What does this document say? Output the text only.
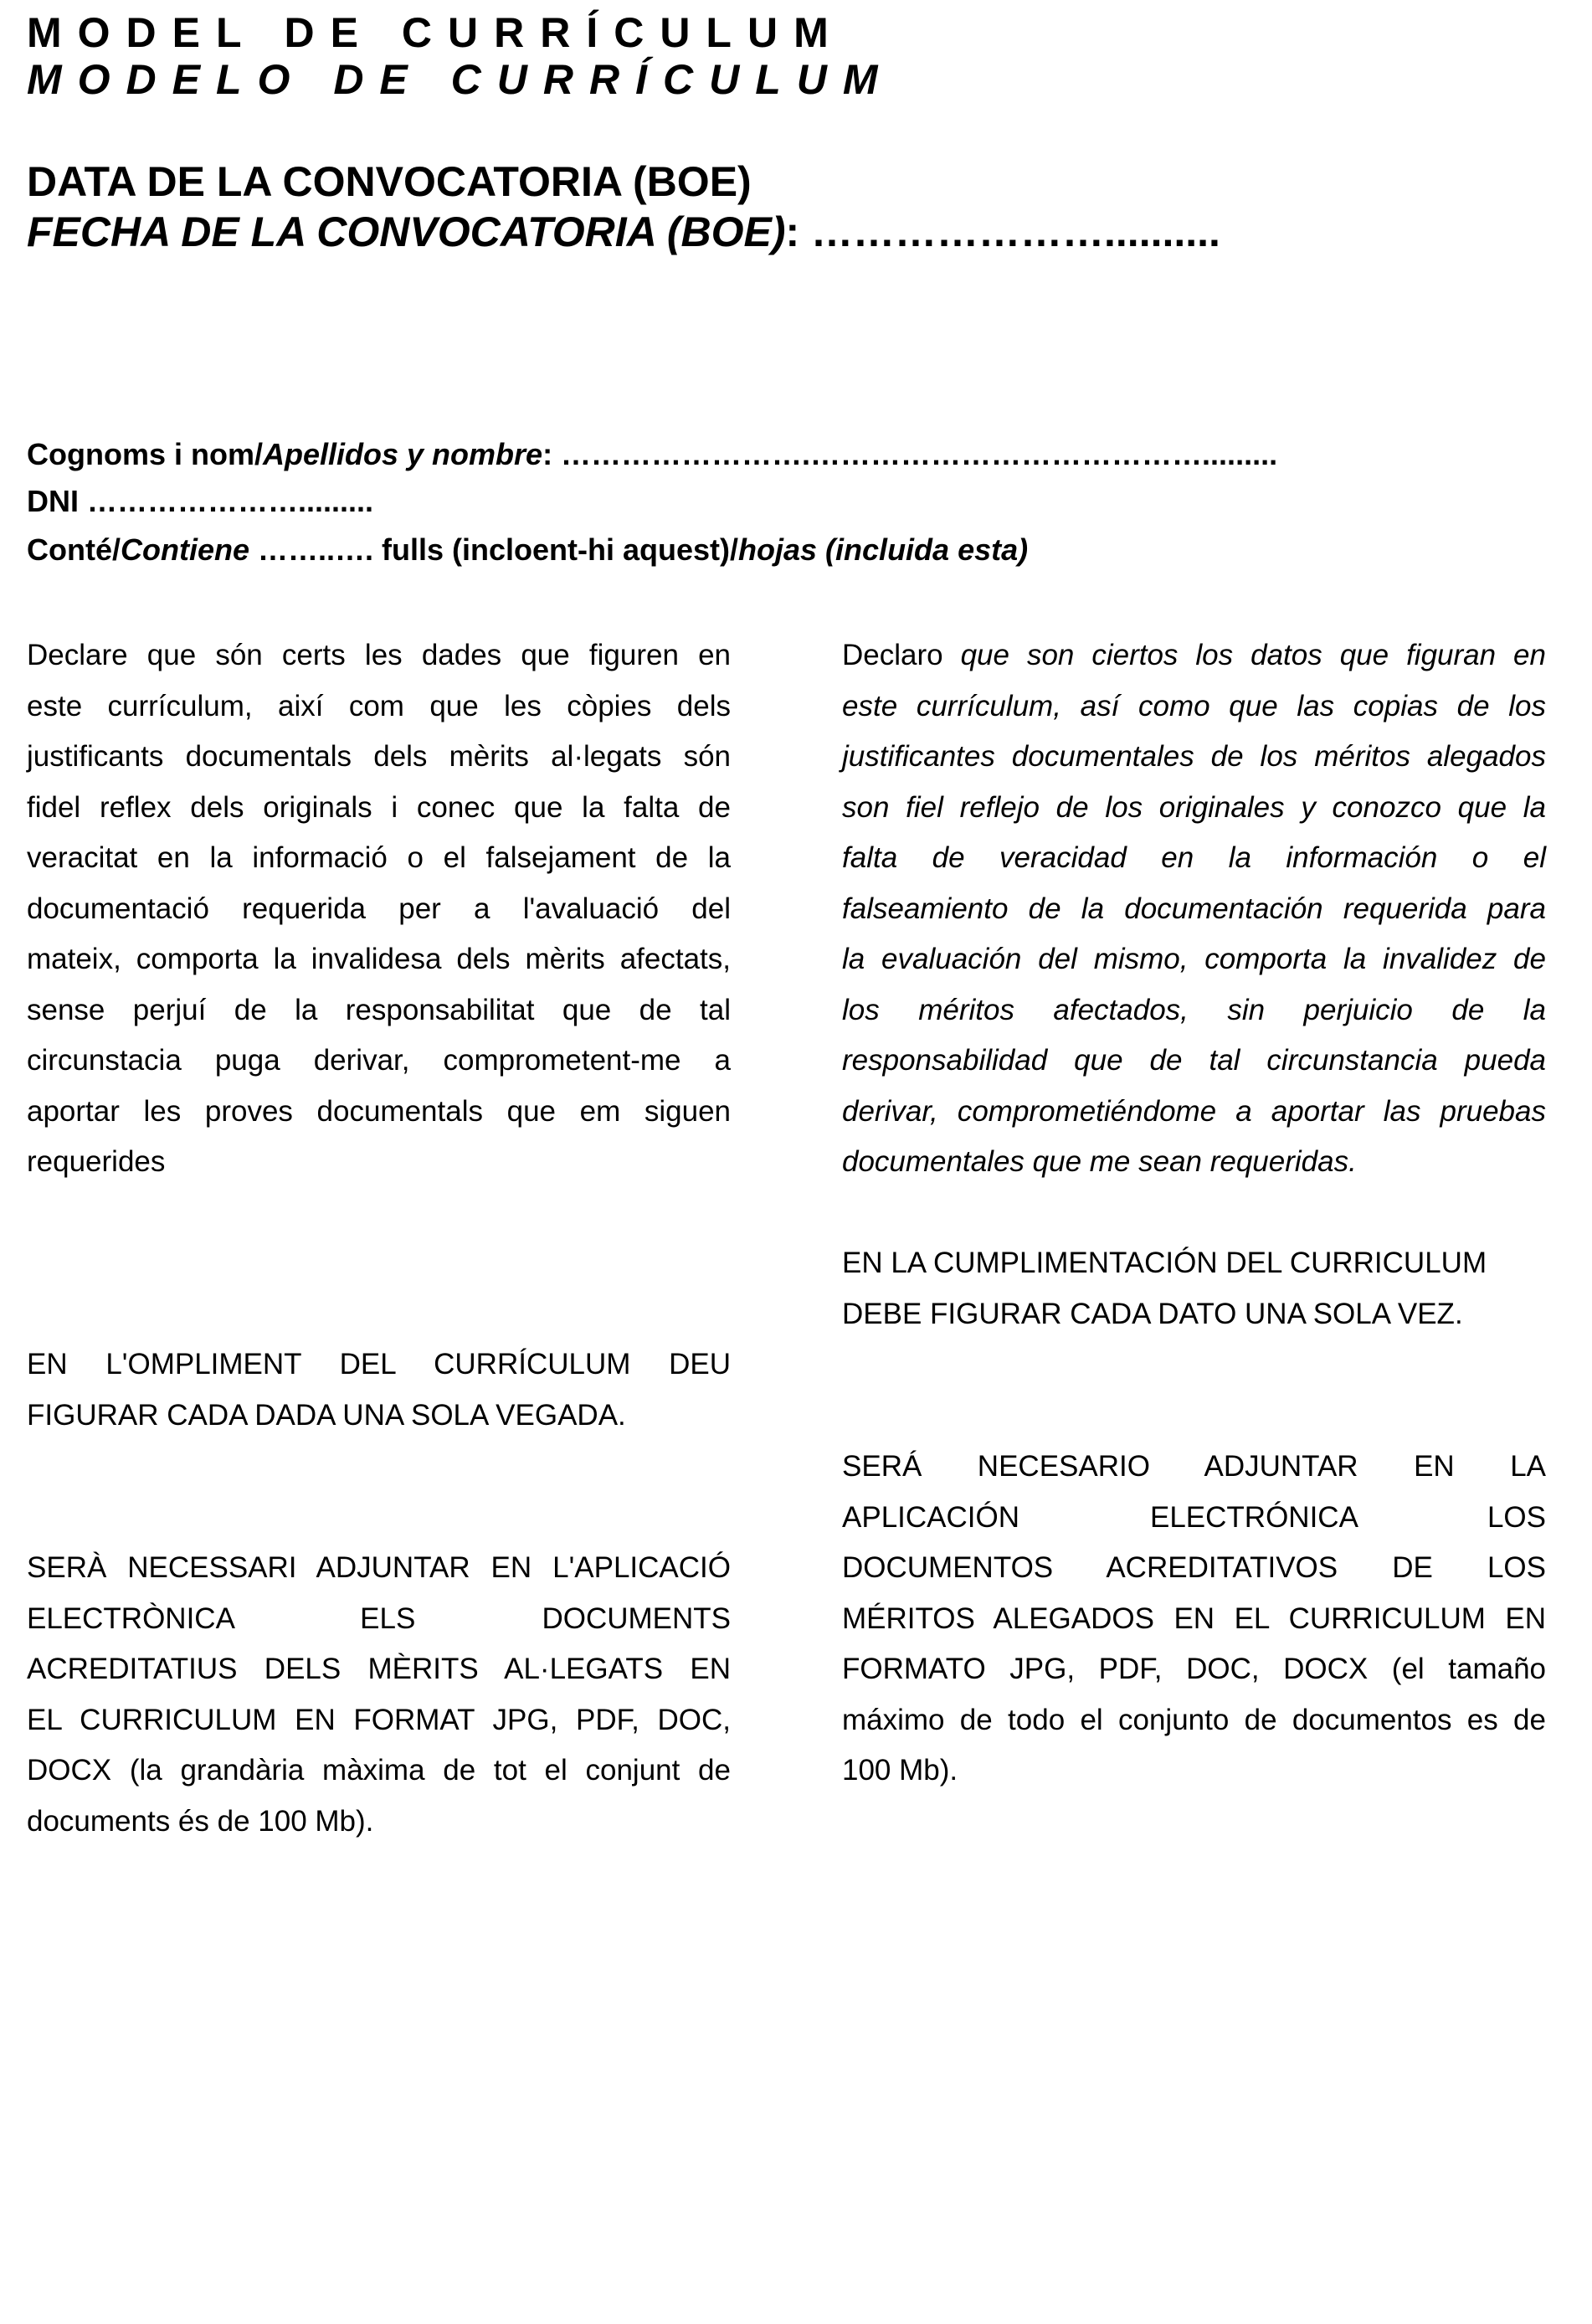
MODEL DE CURRÍCULUM
MODELO DE CURRÍCULUM
DATA DE LA CONVOCATORIA (BOE)
FECHA DE LA CONVOCATORIA (BOE): …………………..........
Cognoms i nom/Apellidos y nombre: …………………….………………………………….........
DNI ………………….........
Conté/Contiene ……..…. fulls (incloent-hi aquest)/hojas (incluida esta)
Declare que són certs les dades que figuren en
este currículum, així com que les còpies dels
justificants documentals dels mèrits al·legats són
fidel reflex dels originals i conec que la falta de
veracitat en la informació o el falsejament de la
documentació requerida per a l'avaluació del
mateix, comporta la invalidesa dels mèrits afectats,
sense perjuí de la responsabilitat que de tal
circunstacia puga derivar, comprometent-me a
aportar les proves documentals que em siguen
requerides
Declaro que son ciertos los datos que figuran en
este currículum, así como que las copias de los
justificantes documentales de los méritos alegados
son fiel reflejo de los originales y conozco que la
falta de veracidad en la información o el
falseamiento de la documentación requerida para
la evaluación del mismo, comporta la invalidez de
los méritos afectados, sin perjuicio de la
responsabilidad que de tal circunstancia pueda
derivar, comprometiéndome a aportar las pruebas
documentales que me sean requeridas.
EN L'OMPLIMENT DEL CURRÍCULUM DEU
FIGURAR CADA DADA UNA SOLA VEGADA.
EN LA CUMPLIMENTACIÓN DEL CURRICULUM
DEBE FIGURAR CADA DATO UNA SOLA VEZ.
SERÀ NECESSARI ADJUNTAR EN L'APLICACIÓ
ELECTRÒNICA ELS DOCUMENTS
ACREDITATIUS DELS MÈRITS AL·LEGATS EN
EL CURRICULUM EN FORMAT JPG, PDF, DOC,
DOCX (la grandària màxima de tot el conjunt de
documents és de 100 Mb).
SERÁ NECESARIO ADJUNTAR EN LA
APLICACIÓN ELECTRÓNICA LOS
DOCUMENTOS ACREDITATIVOS DE LOS
MÉRITOS ALEGADOS EN EL CURRICULUM EN
FORMATO JPG, PDF, DOC, DOCX (el tamaño
máximo de todo el conjunto de documentos es de
100 Mb).
